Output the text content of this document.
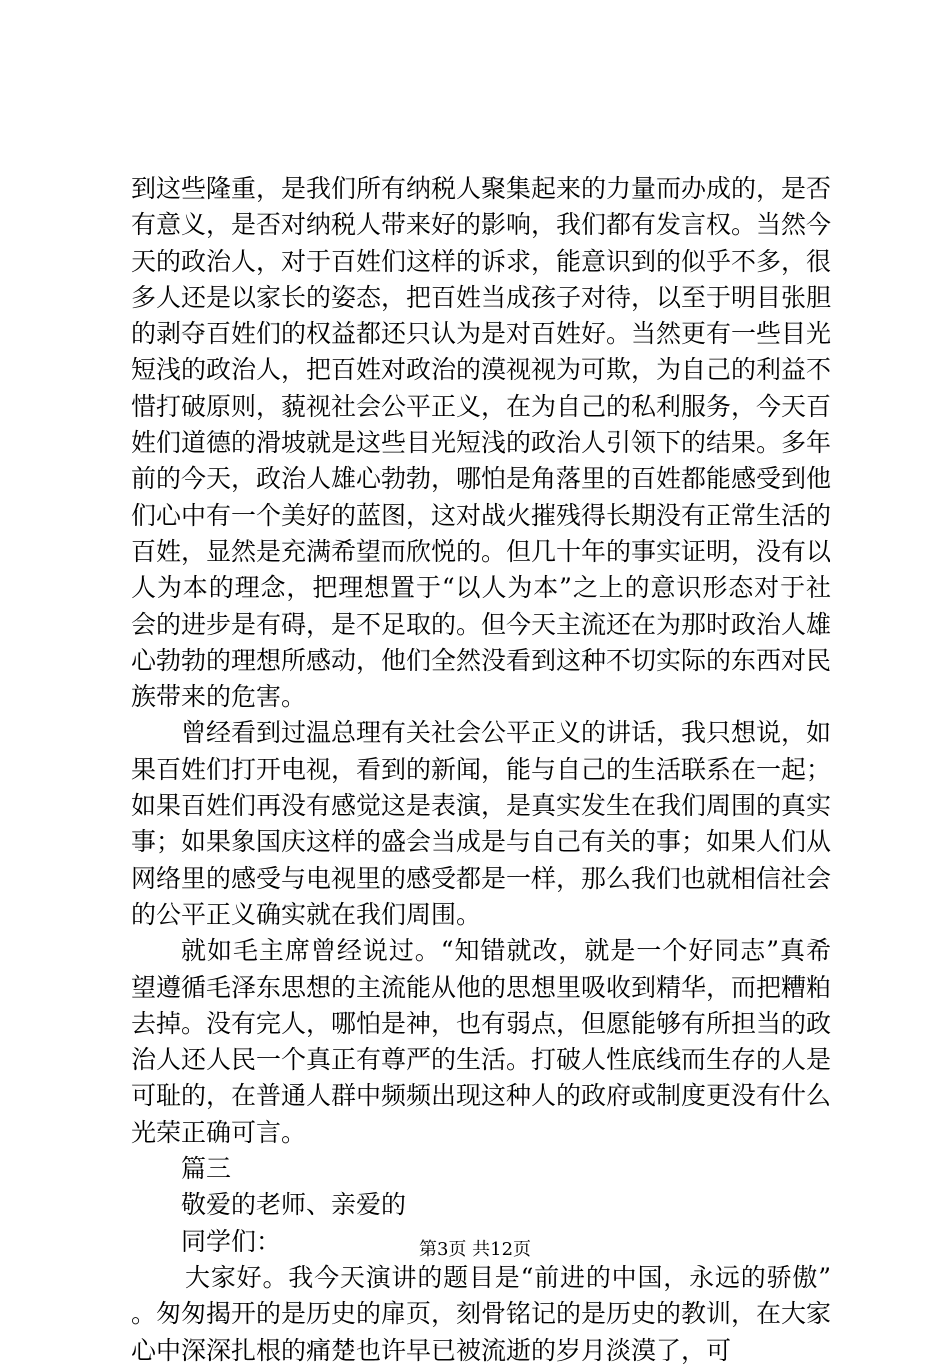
到这些隆重，是我们所有纳税人聚集起来的力量而办成的，是否有意义，是否对纳税人带来好的影响，我们都有发言权。当然今天的政治人，对于百姓们这样的诉求，能意识到的似乎不多，很多人还是以家长的姿态，把百姓当成孩子对待，以至于明目张胆的剥夺百姓们的权益都还只认为是对百姓好。当然更有一些目光短浅的政治人，把百姓对政治的漠视视为可欺，为自己的利益不惜打破原则，藐视社会公平正义，在为自己的私利服务，今天百姓们道德的滑坡就是这些目光短浅的政治人引领下的结果。多年前的今天，政治人雄心勃勃，哪怕是角落里的百姓都能感受到他们心中有一个美好的蓝图，这对战火摧残得长期没有正常生活的百姓，显然是充满希望而欣悦的。但几十年的事实证明，没有以人为本的理念，把理想置于“以人为本”之上的意识形态对于社会的进步是有碍，是不足取的。但今天主流还在为那时政治人雄心勃勃的理想所感动，他们全然没看到这种不切实际的东西对民族带来的危害。

曾经看到过温总理有关社会公平正义的讲话，我只想说，如果百姓们打开电视，看到的新闻，能与自己的生活联系在一起；如果百姓们再没有感觉这是表演，是真实发生在我们周围的真实事；如果象国庆这样的盛会当成是与自己有关的事；如果人们从网络里的感受与电视里的感受都是一样，那么我们也就相信社会的公平正义确实就在我们周围。

就如毛主席曾经说过。“知错就改，就是一个好同志”真希望遵循毛泽东思想的主流能从他的思想里吸收到精华，而把糟粕去掉。没有完人，哪怕是神，也有弱点，但愿能够有所担当的政治人还人民一个真正有尊严的生活。打破人性底线而生存的人是可耻的，在普通人群中频频出现这种人的政府或制度更没有什么光荣正确可言。

篇三

敬爱的老师、亲爱的

同学们：

大家好。我今天演讲的题目是“前进的中国，永远的骄傲”。匆匆揭开的是历史的扉页，刻骨铭记的是历史的教训，在大家心中深深扎根的痛楚也许早已被流逝的岁月淡漠了，可

第3页 共12页
